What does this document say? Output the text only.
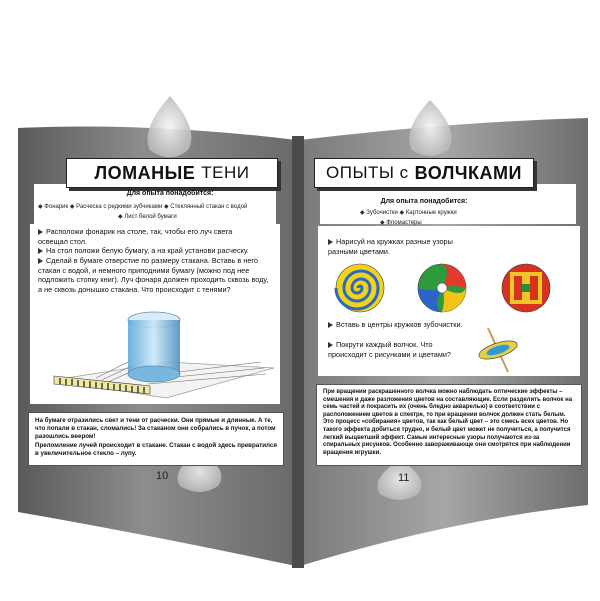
ЛОМАНЫЕ ТЕНИ
Для опыта понадобится:
◆ Фонарик ◆ Расческа с редкими зубчиками ◆ Стеклянный стакан с водой
◆ Лист белой бумаги
Расположи фонарик на столе, так, чтобы его луч света освещал стол.
На стол положи белую бумагу, а на край установи расческу.
Сделай в бумаге отверстие по размеру стакана. Вставь в него стакан с водой, и немного приподними бумагу (можно под нее подложить стопку книг). Луч фонаря должен проходить сквозь воду, а не сквозь донышко стакана. Что происходит с тенями?
На бумаге отразились свет и тени от расчески. Они прямые и длинные. А те, что попали в стакан, сломались! За стаканом они собрались в пучок, а потом разошлись веером!
Преломление лучей происходит в стакане. Стакан с водой здесь превратился в увеличительное стекло – лупу.
10
ОПЫТЫ с ВОЛЧКАМИ
Для опыта понадобится:
◆ Зубочистки ◆ Картонные кружки
◆ Фломастеры
Нарисуй на кружках разные узоры разными цветами.
Вставь в центры кружков зубочистки.
Покрути каждый волчок. Что происходит с рисунками и цветами?
При вращении раскрашенного волчка можно наблюдать оптические эффекты – смешения и даже разложения цветов на составляющие. Если разделить волчок на семь частей и покрасить их (очень бледно акварелью) в соответствии с расположением цветов в спектре, то при вращении волчок должен стать белым. Это процесс «собирания» цветов, так как белый цвет – это смесь всех цветов. Но такого эффекта добиться трудно, и белый цвет может не получиться, а получится легкий выцветший эффект. Самые интересные узоры получаются из-за спиральных рисунков. Особенно завораживающе они смотрятся при наблюдении вращения игрушки.
11
